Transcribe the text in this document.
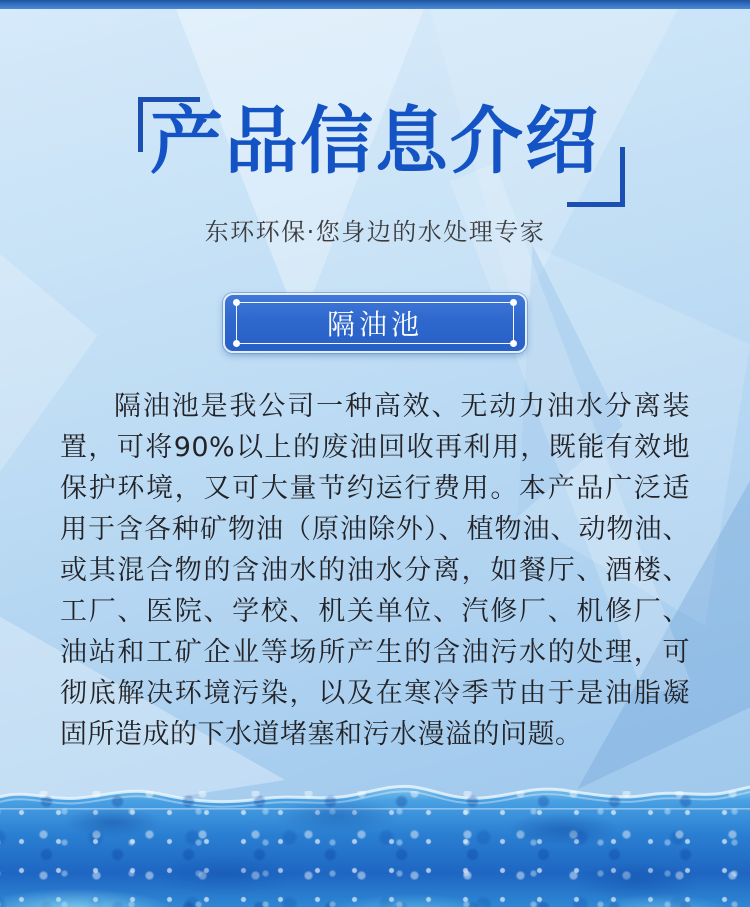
产品信息介绍
东环环保·您身边的水处理专家
隔油池

隔油池是我公司一种高效、无动力油水分离装置，可将90%以上的废油回收再利用，既能有效地保护环境，又可大量节约运行费用。本产品广泛适用于含各种矿物油（原油除外）、植物油、动物油、或其混合物的含油水的油水分离，如餐厅、酒楼、工厂、医院、学校、机关单位、汽修厂、机修厂、油站和工矿企业等场所产生的含油污水的处理，可彻底解决环境污染，以及在寒冷季节由于是油脂凝固所造成的下水道堵塞和污水漫溢的问题。
